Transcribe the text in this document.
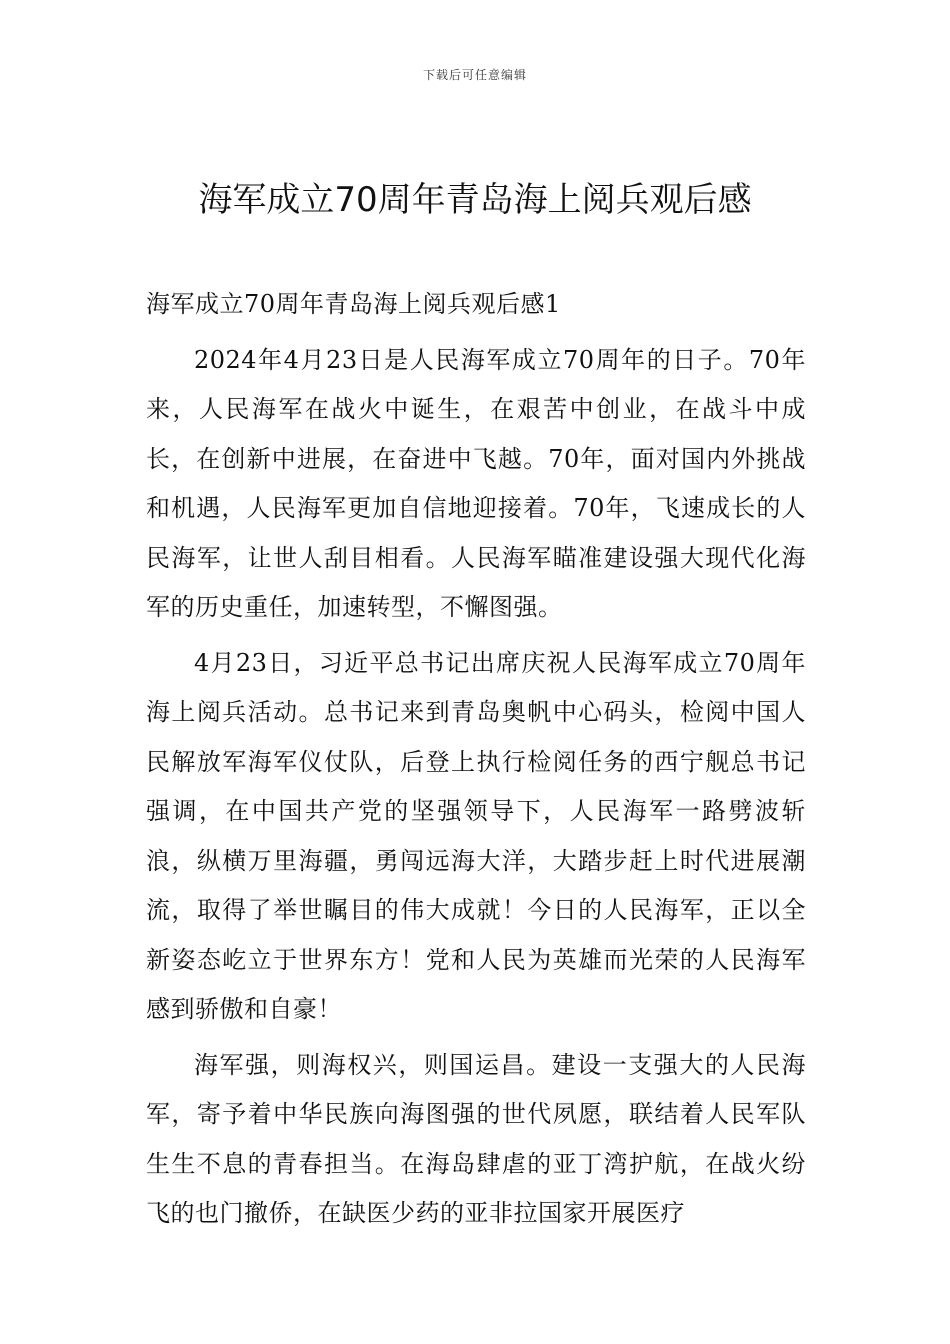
下载后可任意编辑
海军成立70周年青岛海上阅兵观后感

海军成立70周年青岛海上阅兵观后感1

2024年4月23日是人民海军成立70周年的日子。70年来，人民海军在战火中诞生，在艰苦中创业，在战斗中成长，在创新中进展，在奋进中飞越。70年，面对国内外挑战和机遇，人民海军更加自信地迎接着。70年，飞速成长的人民海军，让世人刮目相看。人民海军瞄准建设强大现代化海军的历史重任，加速转型，不懈图强。

4月23日，习近平总书记出席庆祝人民海军成立70周年海上阅兵活动。总书记来到青岛奥帆中心码头，检阅中国人民解放军海军仪仗队，后登上执行检阅任务的西宁舰总书记强调，在中国共产党的坚强领导下，人民海军一路劈波斩浪，纵横万里海疆，勇闯远海大洋，大踏步赶上时代进展潮流，取得了举世瞩目的伟大成就！今日的人民海军，正以全新姿态屹立于世界东方！党和人民为英雄而光荣的人民海军感到骄傲和自豪！

海军强，则海权兴，则国运昌。建设一支强大的人民海军，寄予着中华民族向海图强的世代夙愿，联结着人民军队生生不息的青春担当。在海岛肆虐的亚丁湾护航，在战火纷飞的也门撤侨，在缺医少药的亚非拉国家开展医疗
